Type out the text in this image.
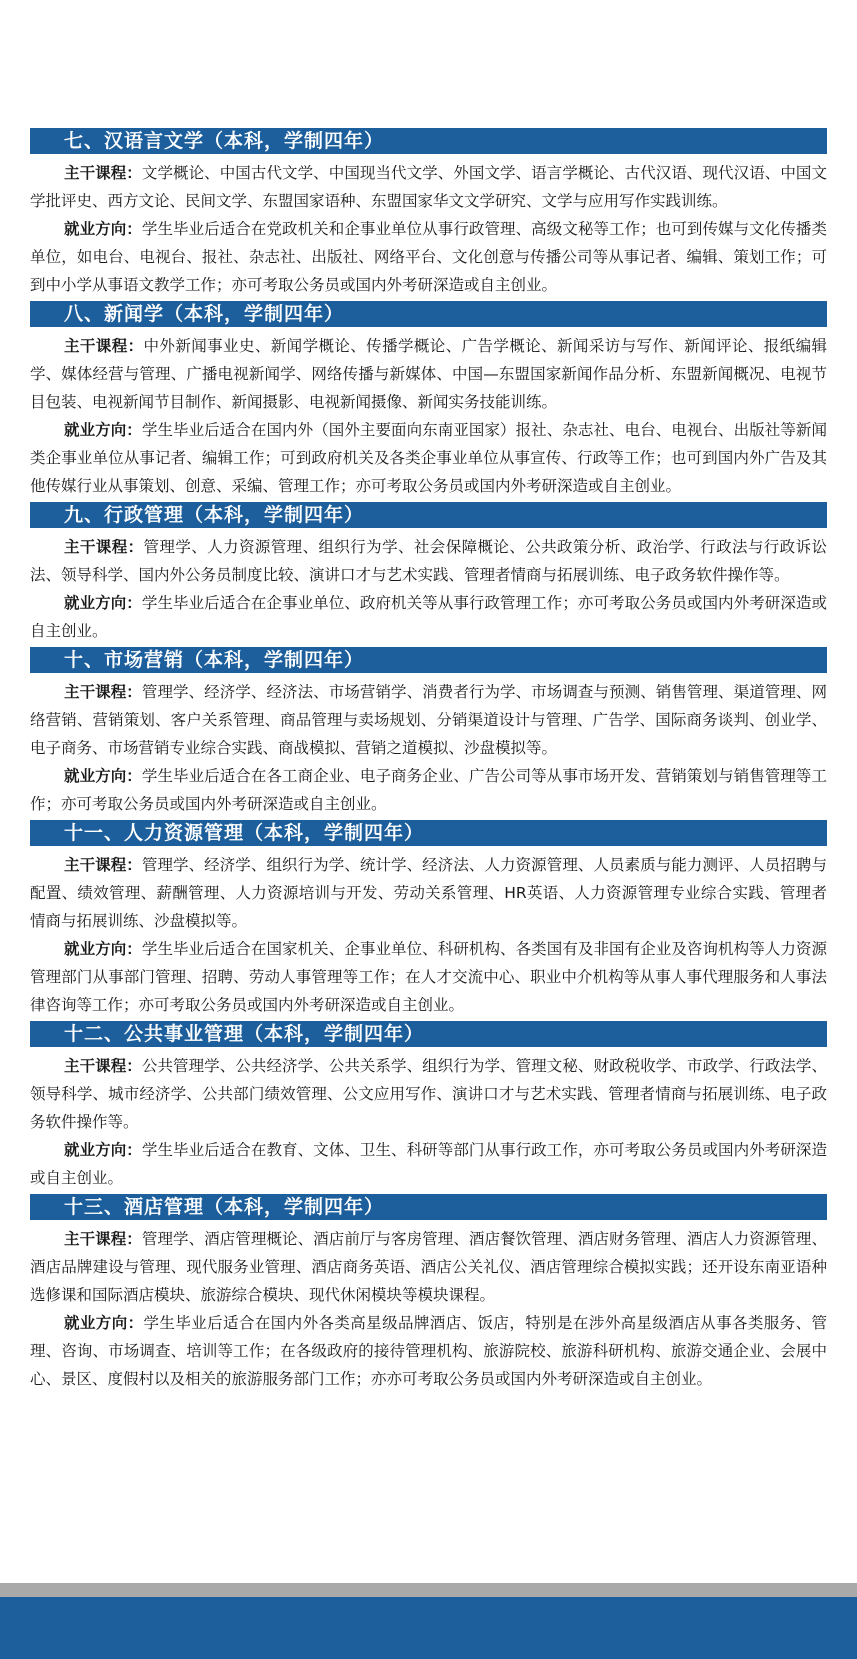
七、汉语言文学（本科，学制四年）

主干课程：文学概论、中国古代文学、中国现当代文学、外国文学、语言学概论、古代汉语、现代汉语、中国文学批评史、西方文论、民间文学、东盟国家语种、东盟国家华文文学研究、文学与应用写作实践训练。

就业方向：学生毕业后适合在党政机关和企事业单位从事行政管理、高级文秘等工作；也可到传媒与文化传播类单位，如电台、电视台、报社、杂志社、出版社、网络平台、文化创意与传播公司等从事记者、编辑、策划工作；可到中小学从事语文教学工作；亦可考取公务员或国内外考研深造或自主创业。

八、新闻学（本科，学制四年）

主干课程：中外新闻事业史、新闻学概论、传播学概论、广告学概论、新闻采访与写作、新闻评论、报纸编辑学、媒体经营与管理、广播电视新闻学、网络传播与新媒体、中国—东盟国家新闻作品分析、东盟新闻概况、电视节目包装、电视新闻节目制作、新闻摄影、电视新闻摄像、新闻实务技能训练。

就业方向：学生毕业后适合在国内外（国外主要面向东南亚国家）报社、杂志社、电台、电视台、出版社等新闻类企事业单位从事记者、编辑工作；可到政府机关及各类企事业单位从事宣传、行政等工作；也可到国内外广告及其他传媒行业从事策划、创意、采编、管理工作；亦可考取公务员或国内外考研深造或自主创业。

九、行政管理（本科，学制四年）

主干课程：管理学、人力资源管理、组织行为学、社会保障概论、公共政策分析、政治学、行政法与行政诉讼法、领导科学、国内外公务员制度比较、演讲口才与艺术实践、管理者情商与拓展训练、电子政务软件操作等。

就业方向：学生毕业后适合在企事业单位、政府机关等从事行政管理工作；亦可考取公务员或国内外考研深造或自主创业。

十、市场营销（本科，学制四年）

主干课程：管理学、经济学、经济法、市场营销学、消费者行为学、市场调查与预测、销售管理、渠道管理、网络营销、营销策划、客户关系管理、商品管理与卖场规划、分销渠道设计与管理、广告学、国际商务谈判、创业学、电子商务、市场营销专业综合实践、商战模拟、营销之道模拟、沙盘模拟等。

就业方向：学生毕业后适合在各工商企业、电子商务企业、广告公司等从事市场开发、营销策划与销售管理等工作；亦可考取公务员或国内外考研深造或自主创业。

十一、人力资源管理（本科，学制四年）

主干课程：管理学、经济学、组织行为学、统计学、经济法、人力资源管理、人员素质与能力测评、人员招聘与配置、绩效管理、薪酬管理、人力资源培训与开发、劳动关系管理、HR英语、人力资源管理专业综合实践、管理者情商与拓展训练、沙盘模拟等。

就业方向：学生毕业后适合在国家机关、企事业单位、科研机构、各类国有及非国有企业及咨询机构等人力资源管理部门从事部门管理、招聘、劳动人事管理等工作；在人才交流中心、职业中介机构等从事人事代理服务和人事法律咨询等工作；亦可考取公务员或国内外考研深造或自主创业。

十二、公共事业管理（本科，学制四年）

主干课程：公共管理学、公共经济学、公共关系学、组织行为学、管理文秘、财政税收学、市政学、行政法学、领导科学、城市经济学、公共部门绩效管理、公文应用写作、演讲口才与艺术实践、管理者情商与拓展训练、电子政务软件操作等。

就业方向：学生毕业后适合在教育、文体、卫生、科研等部门从事行政工作，亦可考取公务员或国内外考研深造或自主创业。

十三、酒店管理（本科，学制四年）

主干课程：管理学、酒店管理概论、酒店前厅与客房管理、酒店餐饮管理、酒店财务管理、酒店人力资源管理、酒店品牌建设与管理、现代服务业管理、酒店商务英语、酒店公关礼仪、酒店管理综合模拟实践；还开设东南亚语种选修课和国际酒店模块、旅游综合模块、现代休闲模块等模块课程。

就业方向：学生毕业后适合在国内外各类高星级品牌酒店、饭店，特别是在涉外高星级酒店从事各类服务、管理、咨询、市场调查、培训等工作；在各级政府的接待管理机构、旅游院校、旅游科研机构、旅游交通企业、会展中心、景区、度假村以及相关的旅游服务部门工作；亦亦可考取公务员或国内外考研深造或自主创业。
